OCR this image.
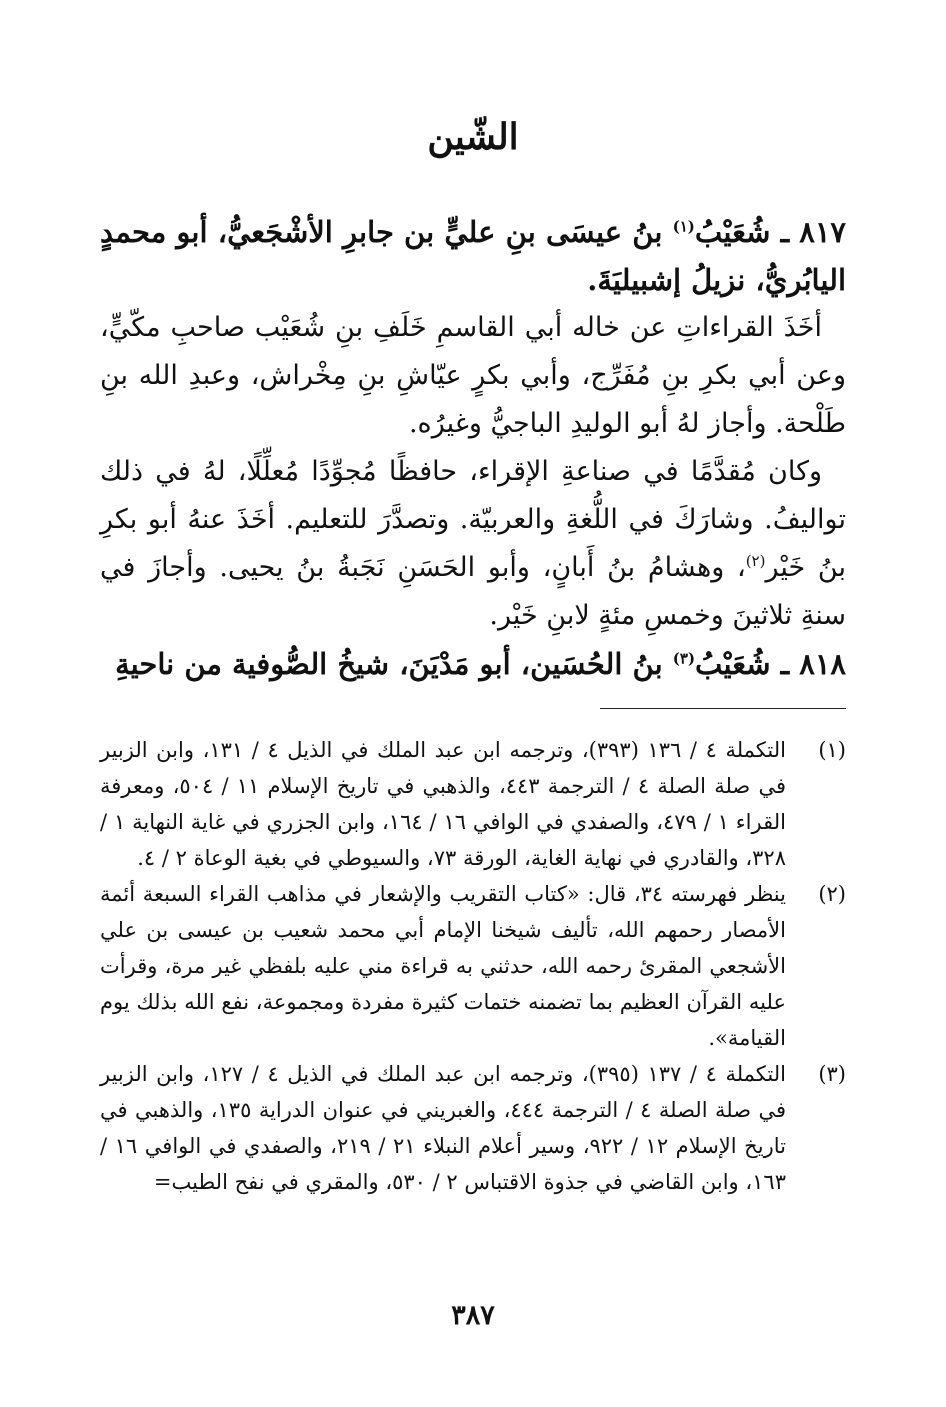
الشّين

٨١٧ ـ شُعَيْبُ$^{(١)}$ بنُ عيسَى بنِ عليٍّ بن جابرِ الأشْجَعيُّ، أبو محمدٍ اليابُريُّ، نزيلُ إشبيليَةَ.

أخَذَ القراءاتِ عن خاله أبي القاسمِ خَلَفِ بنِ شُعَيْب صاحبِ مكّيٍّ، وعن أبي بكرِ بنِ مُفَرِّج، وأبي بكرٍ عيّاشِ بنِ مِخْراش، وعبدِ الله بنِ طَلْحة. وأجاز لهُ أبو الوليدِ الباجيُّ وغيرُه.

وكان مُقدَّمًا في صناعةِ الإقراء، حافظًا مُجوِّدًا مُعلِّلًا، لهُ في ذلك تواليفُ. وشارَكَ في اللُّغةِ والعربيّة. وتصدَّرَ للتعليم. أخَذَ عنهُ أبو بكرِ بنُ خَيْر$^{(٢)}$، وهشامُ بنُ أَبانٍ، وأبو الحَسَنِ نَجَبةُ بنُ يحيى. وأجازَ في سنةِ ثلاثينَ وخمسِ مئةٍ لابنِ خَيْر.

٨١٨ ـ شُعَيْبُ$^{(٣)}$ بنُ الحُسَين، أبو مَدْيَنَ، شيخُ الصُّوفية من ناحيةِ

(١)
التكملة ٤ / ١٣٦ (٣٩٣)، وترجمه ابن عبد الملك في الذيل ٤ / ١٣١، وابن الزبير في صلة الصلة ٤ / الترجمة ٤٤٣، والذهبي في تاريخ الإسلام ١١ / ٥٠٤، ومعرفة القراء ١ / ٤٧٩، والصفدي في الوافي ١٦ / ١٦٤، وابن الجزري في غاية النهاية ١ / ٣٢٨، والقادري في نهاية الغاية، الورقة ٧٣، والسيوطي في بغية الوعاة ٢ / ٤.
(٢)
ينظر فهرسته ٣٤، قال: «كتاب التقريب والإشعار في مذاهب القراء السبعة أئمة الأمصار رحمهم الله، تأليف شيخنا الإمام أبي محمد شعيب بن عيسى بن علي الأشجعي المقرئ رحمه الله، حدثني به قراءة مني عليه بلفظي غير مرة، وقرأت عليه القرآن العظيم بما تضمنه ختمات كثيرة مفردة ومجموعة، نفع الله بذلك يوم القيامة».
(٣)
التكملة ٤ / ١٣٧ (٣٩٥)، وترجمه ابن عبد الملك في الذيل ٤ / ١٢٧، وابن الزبير في صلة الصلة ٤ / الترجمة ٤٤٤، والغبريني في عنوان الدراية ١٣٥، والذهبي في تاريخ الإسلام ١٢ / ٩٢٢، وسير أعلام النبلاء ٢١ / ٢١٩، والصفدي في الوافي ١٦ / ١٦٣، وابن القاضي في جذوة الاقتباس ٢ / ٥٣٠، والمقري في نفح الطيب=
٣٨٧
